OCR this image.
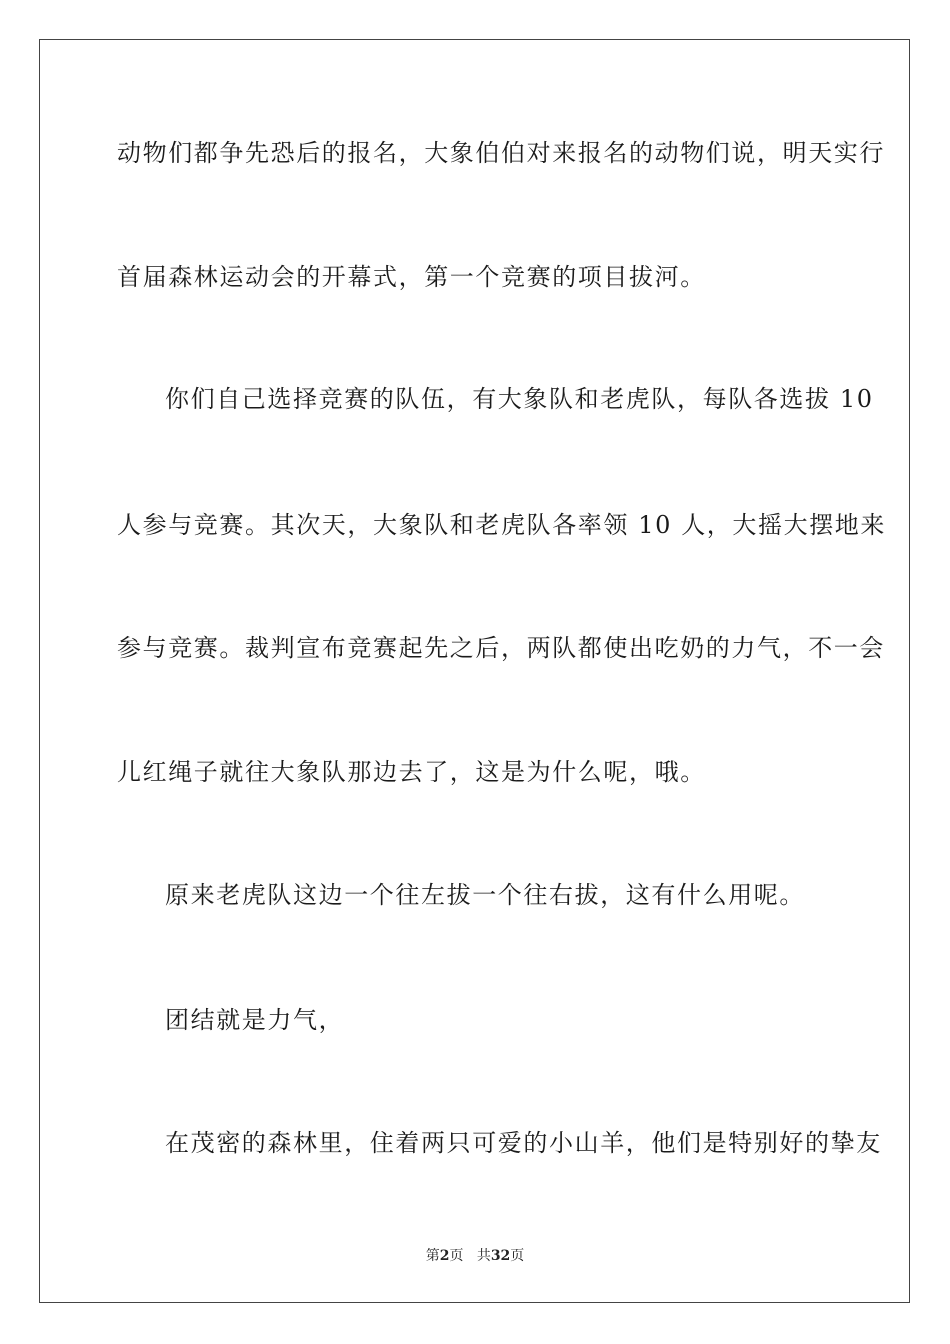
动物们都争先恐后的报名，大象伯伯对来报名的动物们说，明天实行
首届森林运动会的开幕式，第一个竞赛的项目拔河。
你们自己选择竞赛的队伍，有大象队和老虎队，每队各选拔 10
人参与竞赛。其次天，大象队和老虎队各率领 10 人，大摇大摆地来
参与竞赛。裁判宣布竞赛起先之后，两队都使出吃奶的力气，不一会
儿红绳子就往大象队那边去了，这是为什么呢，哦。
原来老虎队这边一个往左拔一个往右拔，这有什么用呢。
团结就是力气，
在茂密的森林里，住着两只可爱的小山羊，他们是特别好的挚友
第2页 共32页
